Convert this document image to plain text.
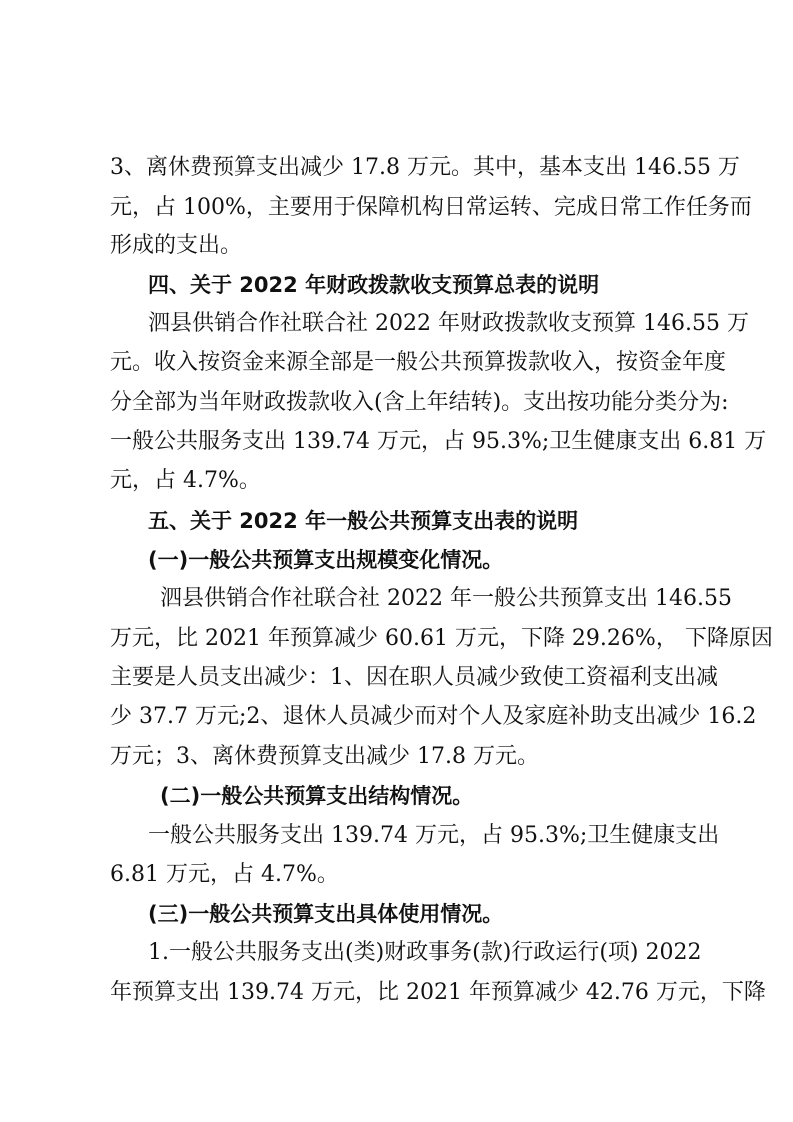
3、离休费预算支出减少 17.8 万元。其中，基本支出 146.55 万
元，占 100%，主要用于保障机构日常运转、完成日常工作任务而
形成的支出。
四、关于 2022 年财政拨款收支预算总表的说明
泗县供销合作社联合社 2022 年财政拨款收支预算 146.55 万
元。收入按资金来源全部是一般公共预算拨款收入，按资金年度
分全部为当年财政拨款收入(含上年结转)。支出按功能分类分为:
一般公共服务支出 139.74 万元，占 95.3%;卫生健康支出 6.81 万
元，占 4.7%。
五、关于 2022 年一般公共预算支出表的说明
(一)一般公共预算支出规模变化情况。
泗县供销合作社联合社 2022 年一般公共预算支出 146.55
万元，比 2021 年预算减少 60.61 万元，下降 29.26%， 下降原因
主要是人员支出减少：1、因在职人员减少致使工资福利支出减
少 37.7 万元;2、退休人员减少而对个人及家庭补助支出减少 16.2
万元；3、离休费预算支出减少 17.8 万元。
(二)一般公共预算支出结构情况。
一般公共服务支出 139.74 万元，占 95.3%;卫生健康支出
6.81 万元，占 4.7%。
(三)一般公共预算支出具体使用情况。
1.一般公共服务支出(类)财政事务(款)行政运行(项) 2022
年预算支出 139.74 万元，比 2021 年预算减少 42.76 万元，下降
